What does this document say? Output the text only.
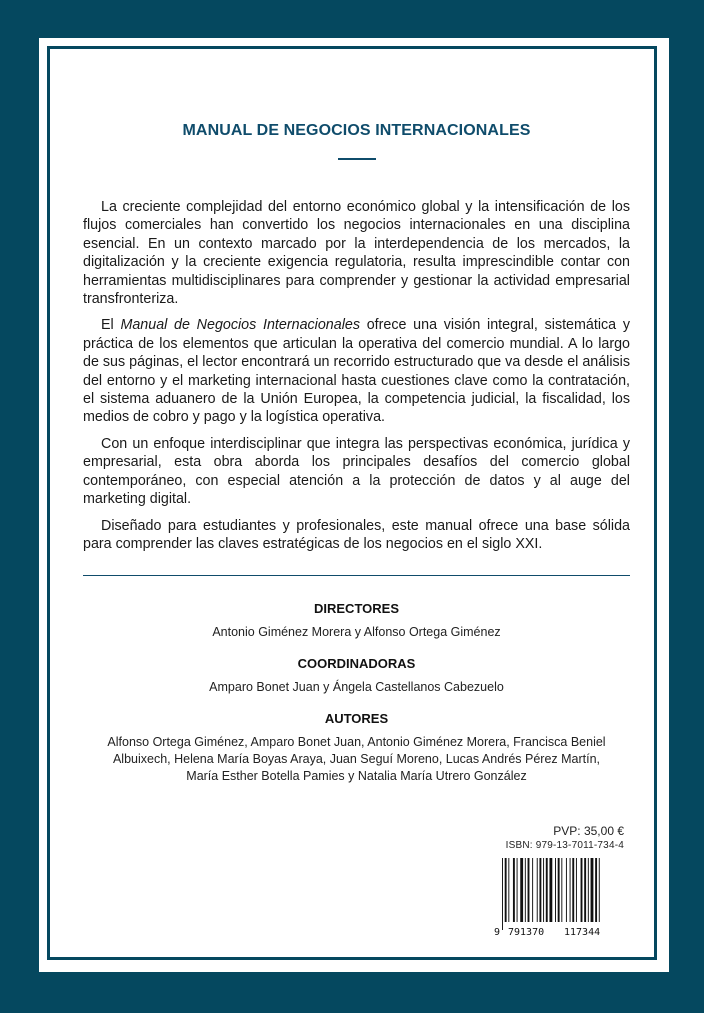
MANUAL DE NEGOCIOS INTERNACIONALES

La creciente complejidad del entorno económico global y la intensificación de los flujos comerciales han convertido los negocios internacionales en una disciplina esencial. En un contexto marcado por la interdependencia de los mercados, la digitalización y la creciente exigencia regulatoria, resulta imprescindible contar con herramientas multidisciplinares para comprender y gestionar la actividad empresarial transfronteriza.

El Manual de Negocios Internacionales ofrece una visión integral, sistemática y práctica de los elementos que articulan la operativa del comercio mundial. A lo largo de sus páginas, el lector encontrará un recorrido estructurado que va desde el análisis del entorno y el marketing internacional hasta cuestiones clave como la contratación, el sistema aduanero de la Unión Europea, la competencia judicial, la fiscalidad, los medios de cobro y pago y la logística operativa.

Con un enfoque interdisciplinar que integra las perspectivas económica, jurídica y empresarial, esta obra aborda los principales desafíos del comercio global contemporáneo, con especial atención a la protección de datos y al auge del marketing digital.

Diseñado para estudiantes y profesionales, este manual ofrece una base sólida para comprender las claves estratégicas de los negocios en el siglo XXI.

DIRECTORES
Antonio Giménez Morera y Alfonso Ortega Giménez
COORDINADORAS
Amparo Bonet Juan y Ángela Castellanos Cabezuelo
AUTORES
Alfonso Ortega Giménez, Amparo Bonet Juan, Antonio Giménez Morera, Francisca Beniel Albuixech, Helena María Boyas Araya, Juan Seguí Moreno, Lucas Andrés Pérez Martín, María Esther Botella Pamies y Natalia María Utrero González
PVP: 35,00 €
ISBN: 979-13-7011-734-4
9 791370 117344
